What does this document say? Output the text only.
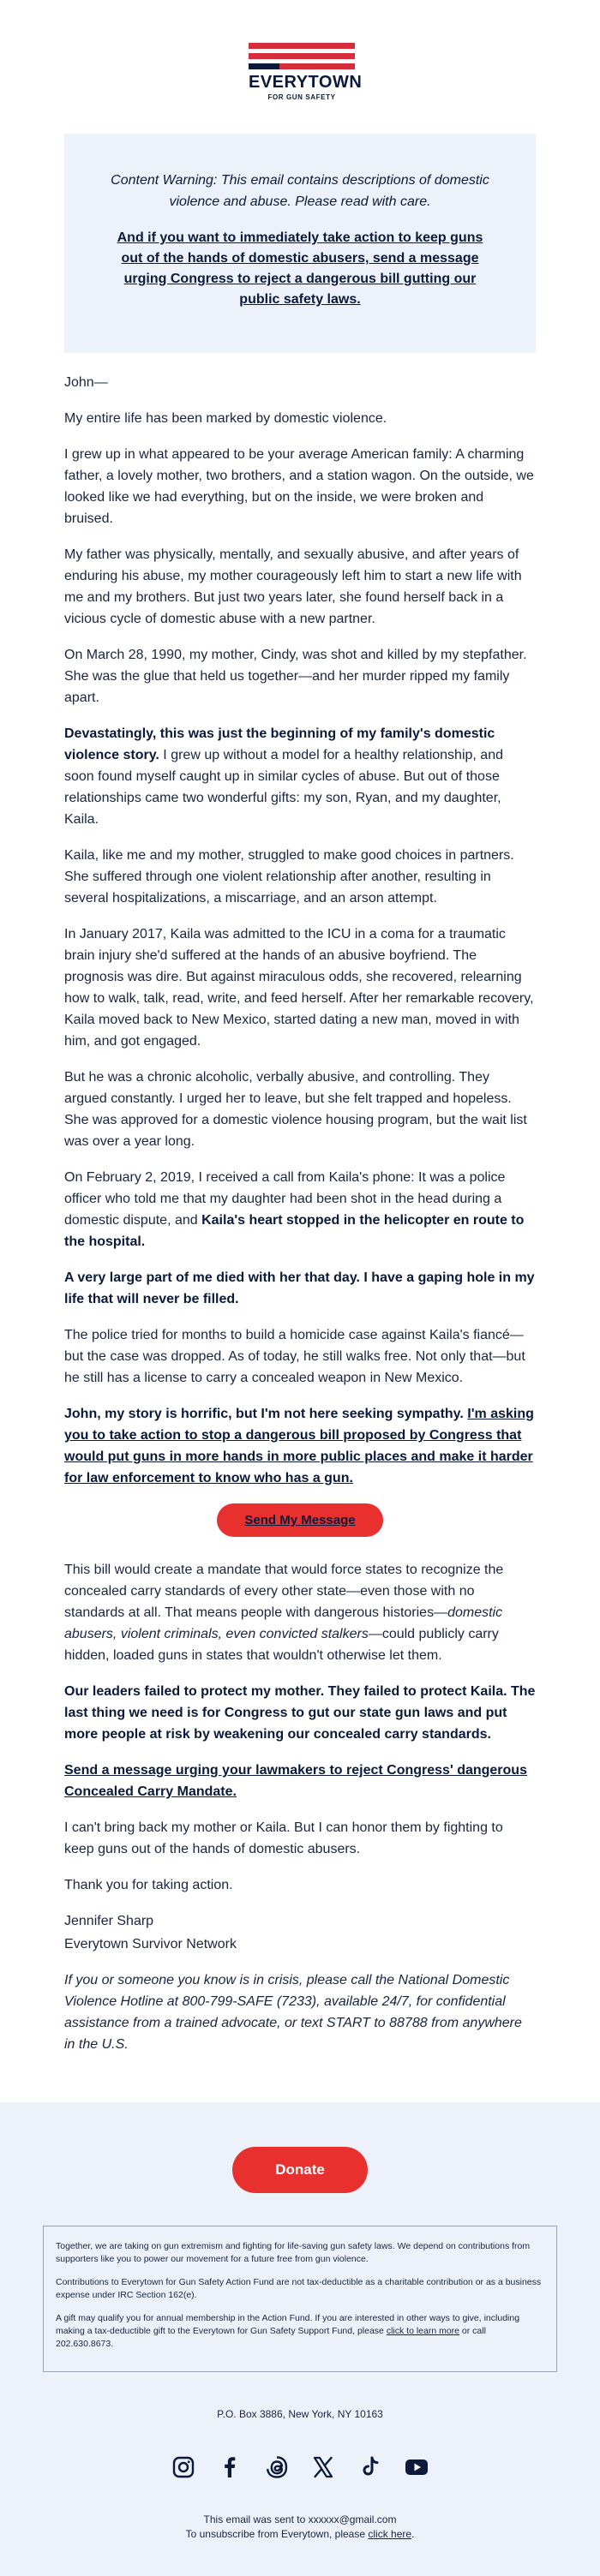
EVERYTOWN
FOR GUN SAFETY

Content Warning: This email contains descriptions of domestic violence and abuse. Please read with care.

And if you want to immediately take action to keep guns out of the hands of domestic abusers, send a message urging Congress to reject a dangerous bill gutting our public safety laws.

John—

My entire life has been marked by domestic violence.

I grew up in what appeared to be your average American family: A charming father, a lovely mother, two brothers, and a station wagon. On the outside, we looked like we had everything, but on the inside, we were broken and bruised.

My father was physically, mentally, and sexually abusive, and after years of enduring his abuse, my mother courageously left him to start a new life with me and my brothers. But just two years later, she found herself back in a vicious cycle of domestic abuse with a new partner.

On March 28, 1990, my mother, Cindy, was shot and killed by my stepfather. She was the glue that held us together—and her murder ripped my family apart.

Devastatingly, this was just the beginning of my family's domestic violence story. I grew up without a model for a healthy relationship, and soon found myself caught up in similar cycles of abuse. But out of those relationships came two wonderful gifts: my son, Ryan, and my daughter, Kaila.

Kaila, like me and my mother, struggled to make good choices in partners. She suffered through one violent relationship after another, resulting in several hospitalizations, a miscarriage, and an arson attempt.

In January 2017, Kaila was admitted to the ICU in a coma for a traumatic brain injury she'd suffered at the hands of an abusive boyfriend. The prognosis was dire. But against miraculous odds, she recovered, relearning how to walk, talk, read, write, and feed herself. After her remarkable recovery, Kaila moved back to New Mexico, started dating a new man, moved in with him, and got engaged.

But he was a chronic alcoholic, verbally abusive, and controlling. They argued constantly. I urged her to leave, but she felt trapped and hopeless. She was approved for a domestic violence housing program, but the wait list was over a year long.

On February 2, 2019, I received a call from Kaila's phone: It was a police officer who told me that my daughter had been shot in the head during a domestic dispute, and Kaila's heart stopped in the helicopter en route to the hospital.

A very large part of me died with her that day. I have a gaping hole in my life that will never be filled.

The police tried for months to build a homicide case against Kaila's fiancé—but the case was dropped. As of today, he still walks free. Not only that—but he still has a license to carry a concealed weapon in New Mexico.

John, my story is horrific, but I'm not here seeking sympathy. I'm asking you to take action to stop a dangerous bill proposed by Congress that would put guns in more hands in more public places and make it harder for law enforcement to know who has a gun.

Send My Message

This bill would create a mandate that would force states to recognize the concealed carry standards of every other state—even those with no standards at all. That means people with dangerous histories—domestic abusers, violent criminals, even convicted stalkers—could publicly carry hidden, loaded guns in states that wouldn't otherwise let them.

Our leaders failed to protect my mother. They failed to protect Kaila. The last thing we need is for Congress to gut our state gun laws and put more people at risk by weakening our concealed carry standards.

Send a message urging your lawmakers to reject Congress' dangerous Concealed Carry Mandate.

I can't bring back my mother or Kaila. But I can honor them by fighting to keep guns out of the hands of domestic abusers.

Thank you for taking action.

Jennifer Sharp

Everytown Survivor Network

If you or someone you know is in crisis, please call the National Domestic Violence Hotline at 800-799-SAFE (7233), available 24/7, for confidential assistance from a trained advocate, or text START to 88788 from anywhere in the U.S.

Donate

Together, we are taking on gun extremism and fighting for life-saving gun safety laws. We depend on contributions from supporters like you to power our movement for a future free from gun violence.

Contributions to Everytown for Gun Safety Action Fund are not tax-deductible as a charitable contribution or as a business expense under IRC Section 162(e).

A gift may qualify you for annual membership in the Action Fund. If you are interested in other ways to give, including making a tax-deductible gift to the Everytown for Gun Safety Support Fund, please click to learn more or call 202.630.8673.

P.O. Box 3886, New York, NY 10163

This email was sent to xxxxxx@gmail.com
To unsubscribe from Everytown, please click here.
